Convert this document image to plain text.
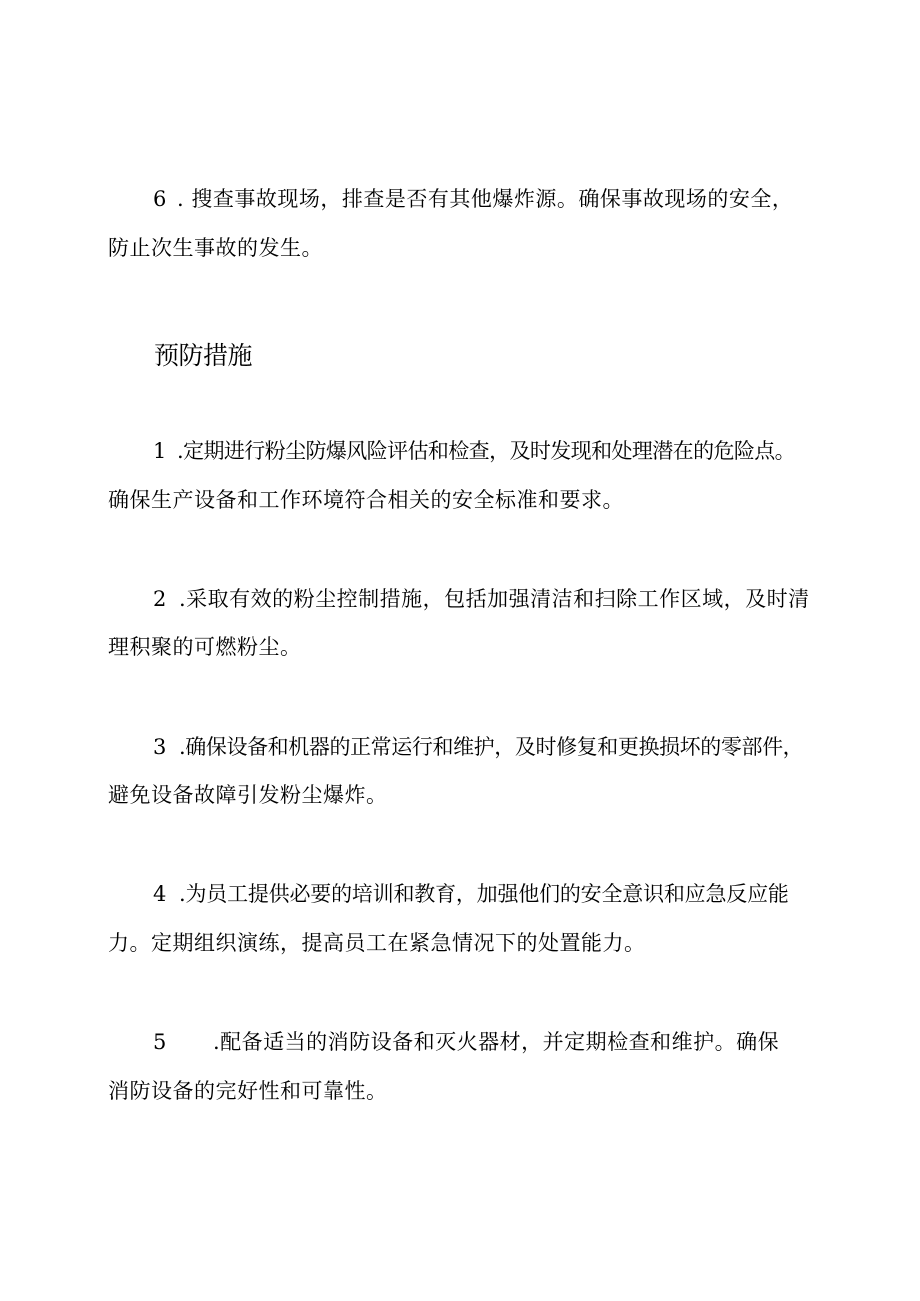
6 . 搜查事故现场，排查是否有其他爆炸源。确保事故现场的安全，
防止次生事故的发生。
预防措施
1 .定期进行粉尘防爆风险评估和检查，及时发现和处理潜在的危险点。
确保生产设备和工作环境符合相关的安全标准和要求。
2 .采取有效的粉尘控制措施，包括加强清洁和扫除工作区域，及时清
理积聚的可燃粉尘。
3 .确保设备和机器的正常运行和维护，及时修复和更换损坏的零部件，
避免设备故障引发粉尘爆炸。
4 .为员工提供必要的培训和教育，加强他们的安全意识和应急反应能
力。定期组织演练，提高员工在紧急情况下的处置能力。
5 .配备适当的消防设备和灭火器材，并定期检查和维护。确保
消防设备的完好性和可靠性。
